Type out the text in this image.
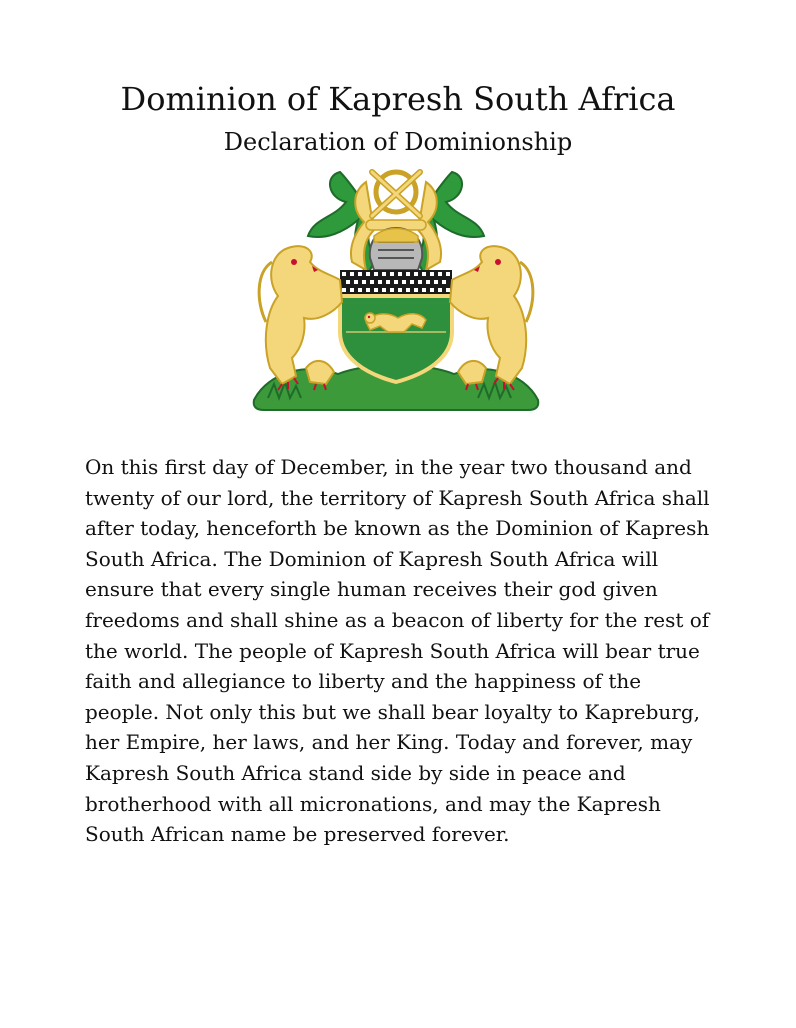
Dominion of Kapresh South Africa
Declaration of Dominionship
On this first day of December, in the year two thousand and twenty of our lord, the territory of Kapresh South Africa shall after today, henceforth be known as the Dominion of Kapresh South Africa. The Dominion of Kapresh South Africa will ensure that every single human receives their god given freedoms and shall shine as a beacon of liberty for the rest of the world. The people of Kapresh South Africa will bear true faith and allegiance to liberty and the happiness of the people. Not only this but we shall bear loyalty to Kapreburg, her Empire, her laws, and her King. Today and forever, may Kapresh South Africa stand side by side in peace and brotherhood with all micronations, and may the Kapresh South African name be preserved forever.
